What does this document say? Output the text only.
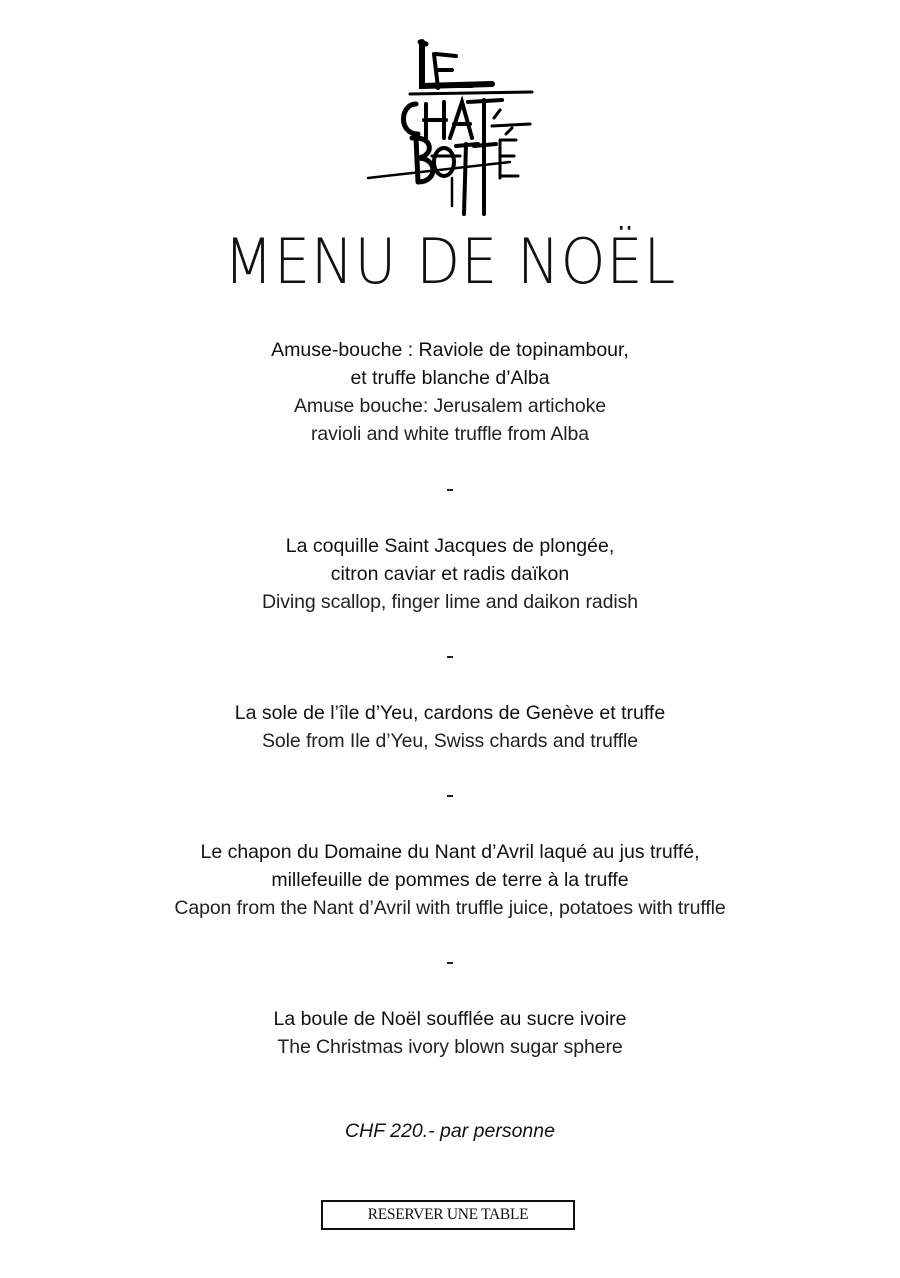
MENU DE NOËL
Amuse-bouche : Raviole de topinambour,
et truffe blanche d’Alba
Amuse bouche: Jerusalem artichoke
ravioli and white truffle from Alba
La coquille Saint Jacques de plongée,
citron caviar et radis daïkon
Diving scallop, finger lime and daikon radish
La sole de l’île d’Yeu, cardons de Genève et truffe
Sole from Ile d’Yeu, Swiss chards and truffle
Le chapon du Domaine du Nant d’Avril laqué au jus truffé,
millefeuille de pommes de terre à la truffe
Capon from the Nant d’Avril with truffle juice, potatoes with truffle
La boule de Noël soufflée au sucre ivoire
The Christmas ivory blown sugar sphere
CHF 220.- par personne
RESERVER UNE TABLE
